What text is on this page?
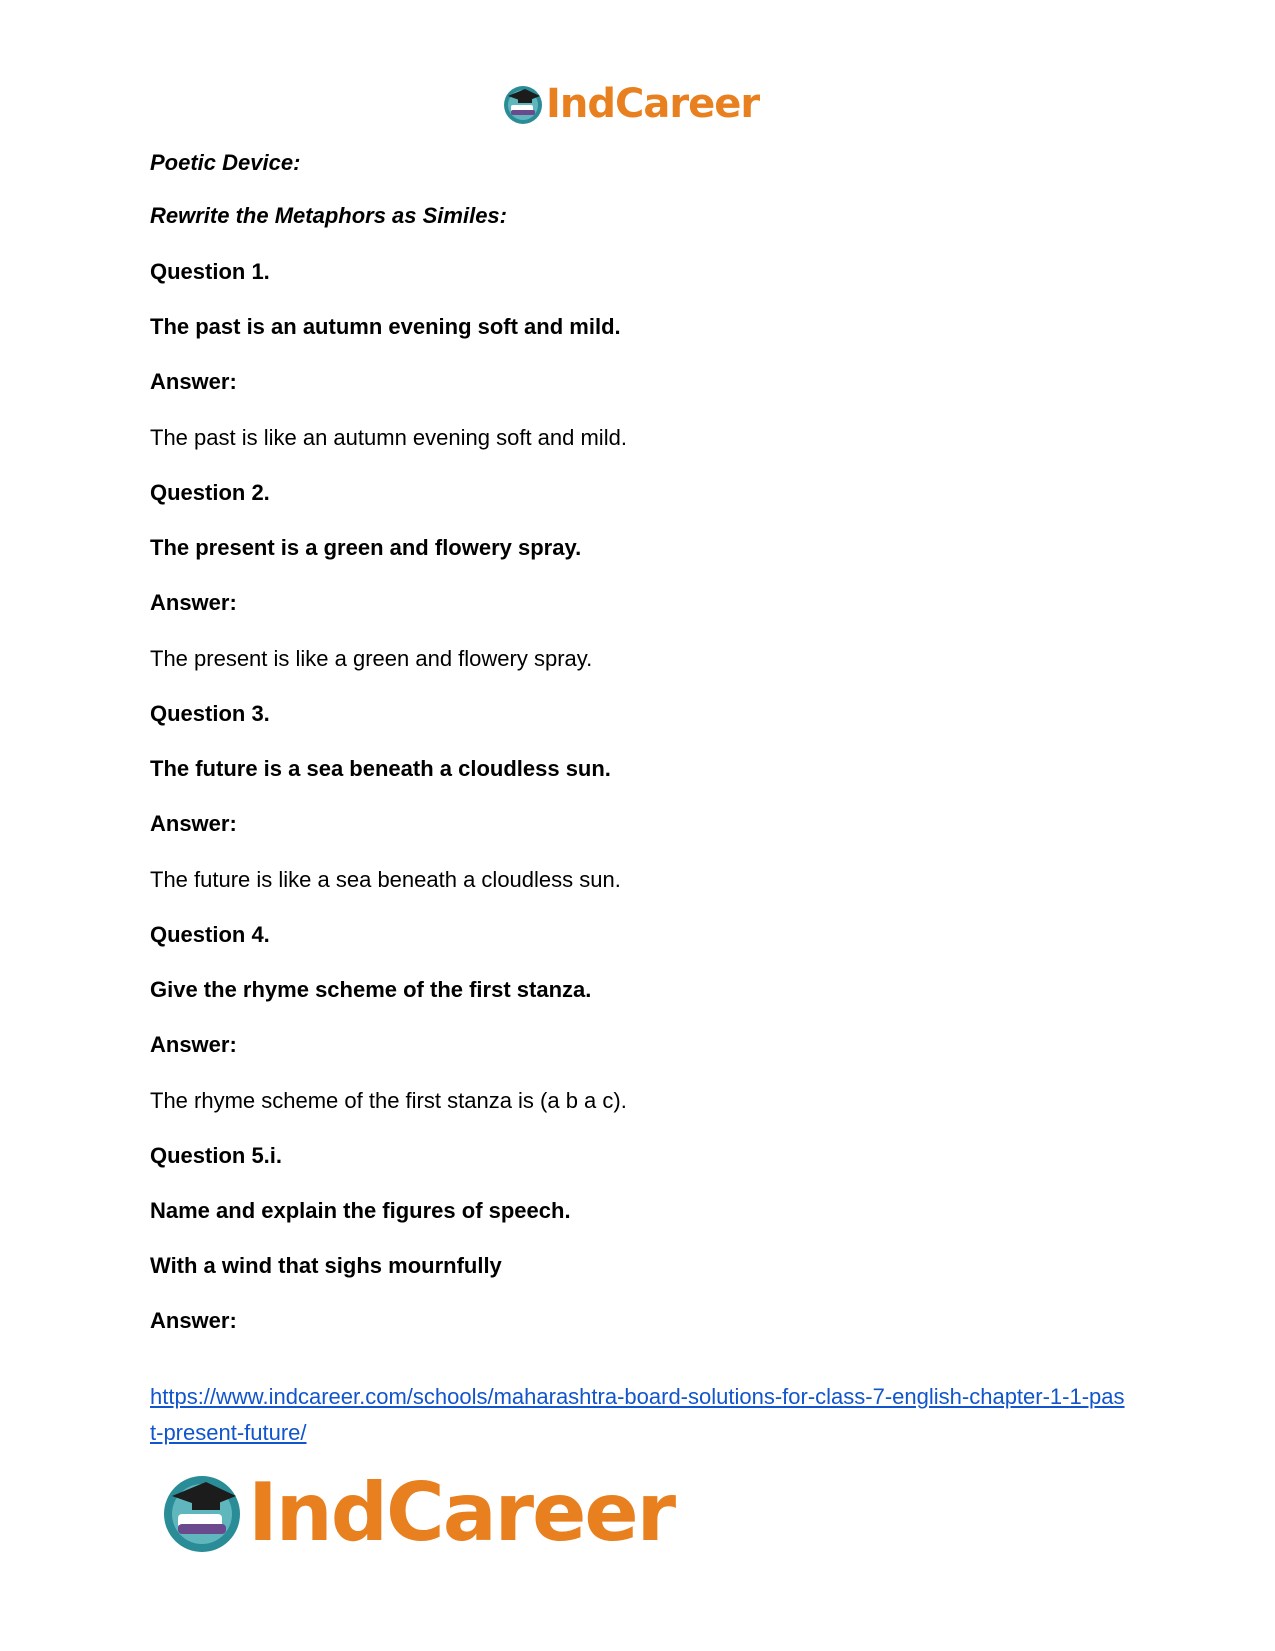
IndCareer
Poetic Device:
Rewrite the Metaphors as Similes:
Question 1.
The past is an autumn evening soft and mild.
Answer:
The past is like an autumn evening soft and mild.
Question 2.
The present is a green and flowery spray.
Answer:
The present is like a green and flowery spray.
Question 3.
The future is a sea beneath a cloudless sun.
Answer:
The future is like a sea beneath a cloudless sun.
Question 4.
Give the rhyme scheme of the first stanza.
Answer:
The rhyme scheme of the first stanza is (a b a c).
Question 5.i.
Name and explain the figures of speech.
With a wind that sighs mournfully
Answer:
https://www.indcareer.com/schools/maharashtra-board-solutions-for-class-7-english-chapter-1-1-past-present-future/
IndCareer
